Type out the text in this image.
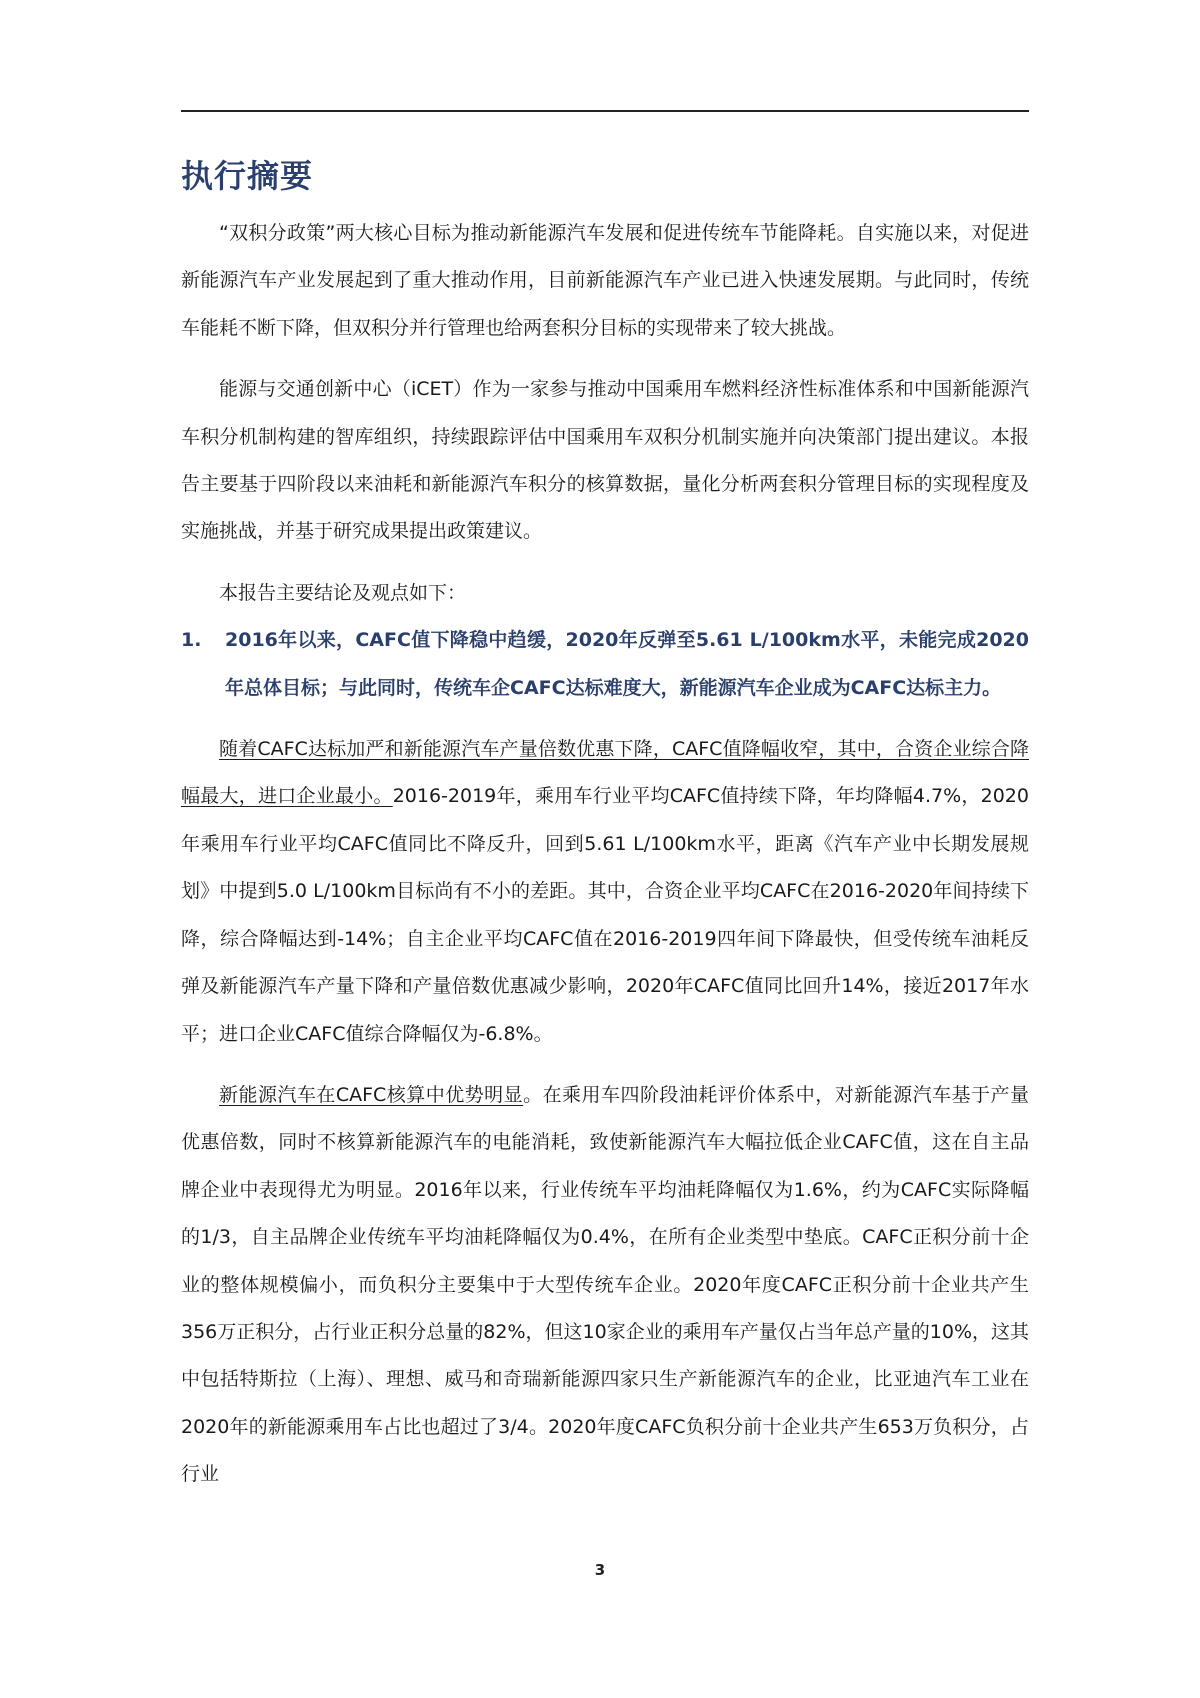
执行摘要

“双积分政策”两大核心目标为推动新能源汽车发展和促进传统车节能降耗。自实施以来，对促进新能源汽车产业发展起到了重大推动作用，目前新能源汽车产业已进入快速发展期。与此同时，传统车能耗不断下降，但双积分并行管理也给两套积分目标的实现带来了较大挑战。

能源与交通创新中心（iCET）作为一家参与推动中国乘用车燃料经济性标准体系和中国新能源汽车积分机制构建的智库组织，持续跟踪评估中国乘用车双积分机制实施并向决策部门提出建议。本报告主要基于四阶段以来油耗和新能源汽车积分的核算数据，量化分析两套积分管理目标的实现程度及实施挑战，并基于研究成果提出政策建议。

本报告主要结论及观点如下：

1.	2016年以来，CAFC值下降稳中趋缓，2020年反弹至5.61 L/100km水平，未能完成2020年总体目标；与此同时，传统车企CAFC达标难度大，新能源汽车企业成为CAFC达标主力。

随着CAFC达标加严和新能源汽车产量倍数优惠下降，CAFC值降幅收窄，其中，合资企业综合降幅最大，进口企业最小。2016-2019年，乘用车行业平均CAFC值持续下降，年均降幅4.7%，2020年乘用车行业平均CAFC值同比不降反升，回到5.61 L/100km水平，距离《汽车产业中长期发展规划》中提到5.0 L/100km目标尚有不小的差距。其中，合资企业平均CAFC在2016-2020年间持续下降，综合降幅达到-14%；自主企业平均CAFC值在2016-2019四年间下降最快，但受传统车油耗反弹及新能源汽车产量下降和产量倍数优惠减少影响，2020年CAFC值同比回升14%，接近2017年水平；进口企业CAFC值综合降幅仅为-6.8%。

新能源汽车在CAFC核算中优势明显。在乘用车四阶段油耗评价体系中，对新能源汽车基于产量优惠倍数，同时不核算新能源汽车的电能消耗，致使新能源汽车大幅拉低企业CAFC值，这在自主品牌企业中表现得尤为明显。2016年以来，行业传统车平均油耗降幅仅为1.6%，约为CAFC实际降幅的1/3，自主品牌企业传统车平均油耗降幅仅为0.4%，在所有企业类型中垫底。CAFC正积分前十企业的整体规模偏小，而负积分主要集中于大型传统车企业。2020年度CAFC正积分前十企业共产生356万正积分，占行业正积分总量的82%，但这10家企业的乘用车产量仅占当年总产量的10%，这其中包括特斯拉（上海）、理想、威马和奇瑞新能源四家只生产新能源汽车的企业，比亚迪汽车工业在2020年的新能源乘用车占比也超过了3/4。2020年度CAFC负积分前十企业共产生653万负积分，占行业

3
